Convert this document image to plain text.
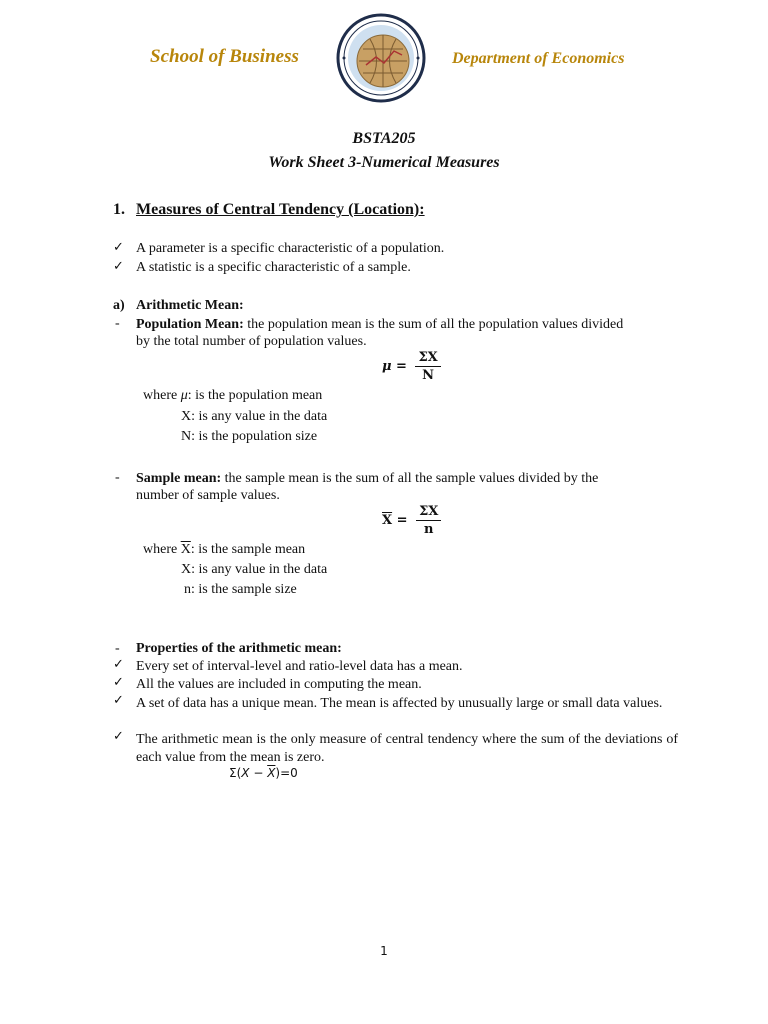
School of Business	Department of Economics
BSTA205
Work Sheet 3-Numerical Measures
1. Measures of Central Tendency (Location):
✓ A parameter is a specific characteristic of a population.
✓ A statistic is a specific characteristic of a sample.
a) Arithmetic Mean:
- Population Mean: the population mean is the sum of all the population values divided
by the total number of population values.
$\mu = \frac{\Sigma X}{N}$
where μ: is the population mean
X: is any value in the data
N: is the population size
- Sample mean: the sample mean is the sum of all the sample values divided by the
number of sample values.
$\overline{X} = \frac{\Sigma X}{n}$
where $\overline{X}$: is the sample mean
X: is any value in the data
n: is the sample size
- Properties of the arithmetic mean:
✓ Every set of interval-level and ratio-level data has a mean.
✓ All the values are included in computing the mean.
✓ A set of data has a unique mean. The mean is affected by unusually large or small data values.
✓ The arithmetic mean is the only measure of central tendency where the sum of the deviations of each value from the mean is zero.
$\Sigma(X - \overline{X})=0$
1
